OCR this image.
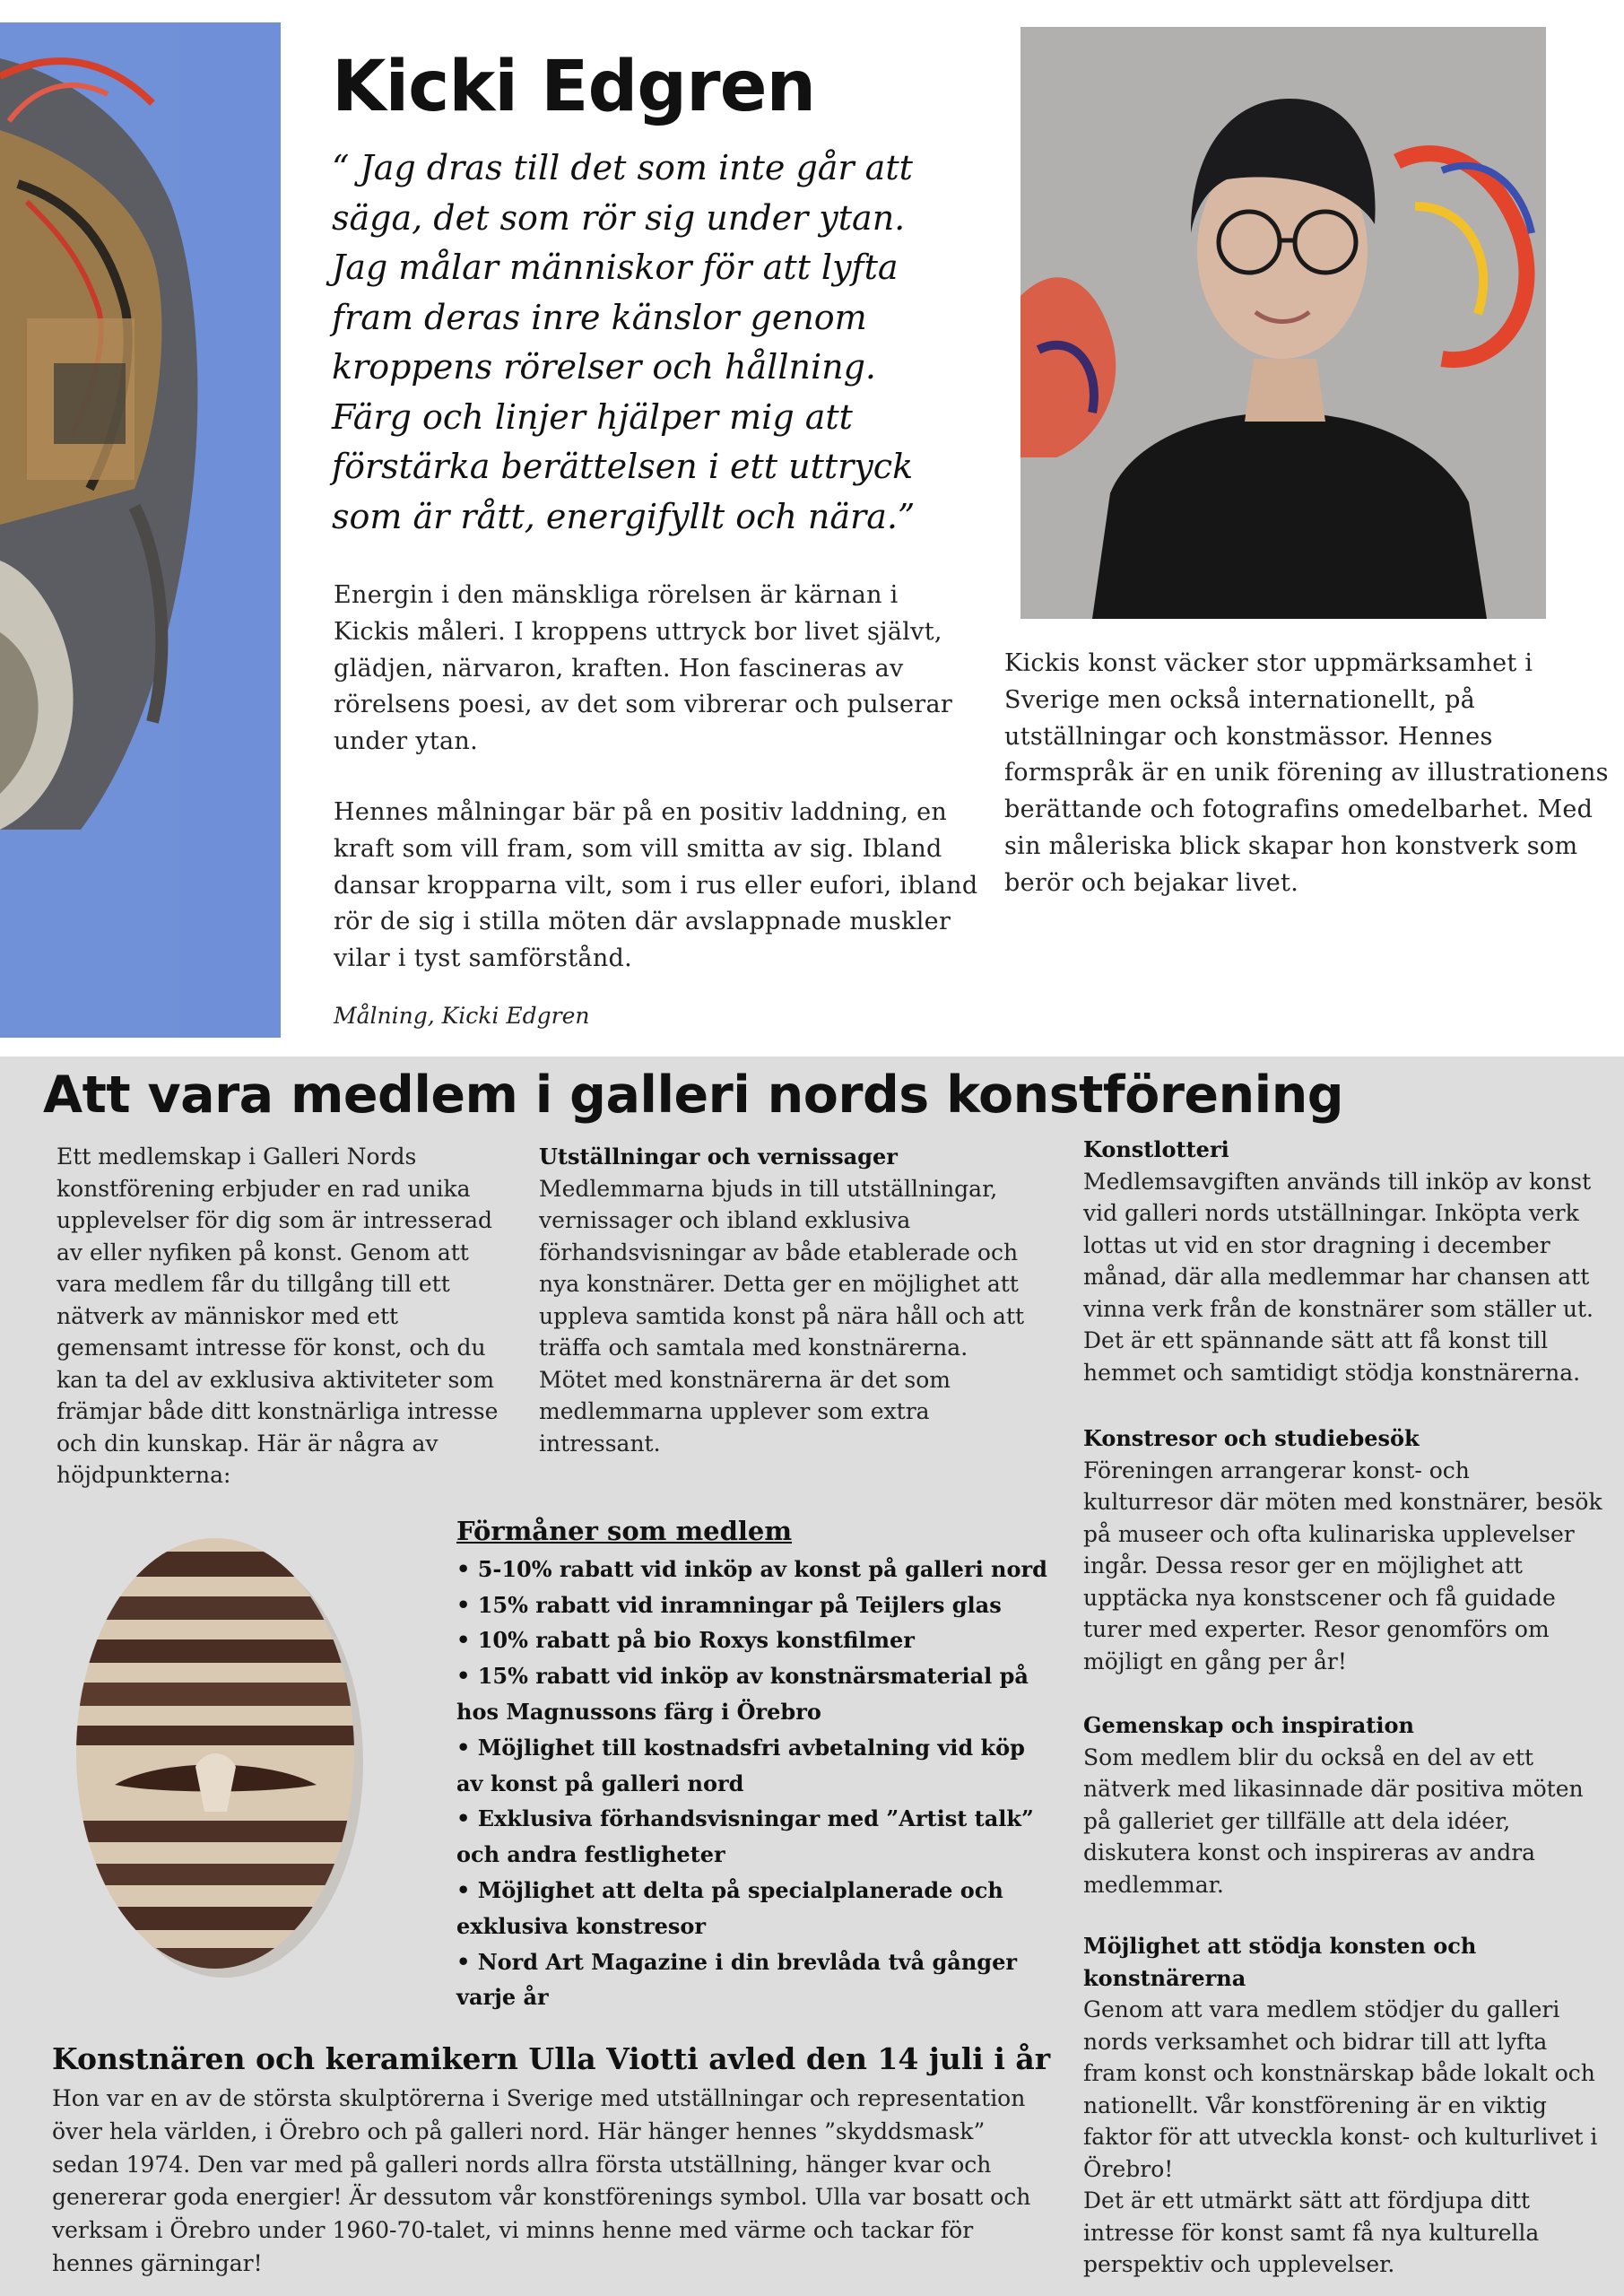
Kicki Edgren

“ Jag dras till det som inte går att säga, det som rör sig under ytan. Jag målar människor för att lyfta fram deras inre känslor genom kroppens rörelser och hållning. Färg och linjer hjälper mig att förstärka berättelsen i ett uttryck som är rått, energifyllt och nära.”

Energin i den mänskliga rörelsen är kärnan i Kickis måleri. I kroppens uttryck bor livet självt, glädjen, närvaron, kraften. Hon fascineras av rörelsens poesi, av det som vibrerar och pulserar under ytan.

Hennes målningar bär på en positiv laddning, en kraft som vill fram, som vill smitta av sig. Ibland dansar kropparna vilt, som i rus eller eufori, ibland rör de sig i stilla möten där avslappnade muskler vilar i tyst samförstånd.

Målning, Kicki Edgren

Kickis konst väcker stor uppmärksamhet i Sverige men också internationellt, på utställningar och konstmässor. Hennes formspråk är en unik förening av illustrationens berättande och fotografins omedelbarhet. Med sin måleriska blick skapar hon konstverk som berör och bejakar livet.

Att vara medlem i galleri nords konstförening

Ett medlemskap i Galleri Nords konstförening erbjuder en rad unika upplevelser för dig som är intresserad av eller nyfiken på konst. Genom att vara medlem får du tillgång till ett nätverk av människor med ett gemensamt intresse för konst, och du kan ta del av exklusiva aktiviteter som främjar både ditt konstnärliga intresse och din kunskap. Här är några av höjdpunkterna:

Utställningar och vernissager

Medlemmarna bjuds in till utställningar, vernissager och ibland exklusiva förhandsvisningar av både etablerade och nya konstnärer. Detta ger en möjlighet att uppleva samtida konst på nära håll och att träffa och samtala med konstnärerna. Mötet med konstnärerna är det som medlemmarna upplever som extra intressant.

Konstlotteri

Medlemsavgiften används till inköp av konst vid galleri nords utställningar. Inköpta verk lottas ut vid en stor dragning i december månad, där alla medlemmar har chansen att vinna verk från de konstnärer som ställer ut. Det är ett spännande sätt att få konst till hemmet och samtidigt stödja konstnärerna.

Konstresor och studiebesök

Föreningen arrangerar konst- och kulturresor där möten med konstnärer, besök på museer och ofta kulinariska upplevelser ingår. Dessa resor ger en möjlighet att upptäcka nya konstscener och få guidade turer med experter. Resor genomförs om möjligt en gång per år!

Gemenskap och inspiration

Som medlem blir du också en del av ett nätverk med likasinnade där positiva möten på galleriet ger tillfälle att dela idéer, diskutera konst och inspireras av andra medlemmar.

Möjlighet att stödja konsten och konstnärerna

Genom att vara medlem stödjer du galleri nords verksamhet och bidrar till att lyfta fram konst och konstnärskap både lokalt och nationellt. Vår konstförening är en viktig faktor för att utveckla konst- och kulturlivet i Örebro!

Det är ett utmärkt sätt att fördjupa ditt intresse för konst samt få nya kulturella perspektiv och upplevelser.

Förmåner som medlem

• 5-10% rabatt vid inköp av konst på galleri nord
• 15% rabatt vid inramningar på Teijlers glas
• 10% rabatt på bio Roxys konstfilmer
• 15% rabatt vid inköp av konstnärsmaterial på hos Magnussons färg i Örebro
• Möjlighet till kostnadsfri avbetalning vid köp av konst på galleri nord
• Exklusiva förhandsvisningar med ”Artist talk” och andra festligheter
• Möjlighet att delta på specialplanerade och exklusiva konstresor
• Nord Art Magazine i din brevlåda två gånger varje år
Konstnären och keramikern Ulla Viotti avled den 14 juli i år

Hon var en av de största skulptörerna i Sverige med utställningar och representation över hela världen, i Örebro och på galleri nord. Här hänger hennes ”skyddsmask” sedan 1974. Den var med på galleri nords allra första utställning, hänger kvar och genererar goda energier! Är dessutom vår konstförenings symbol. Ulla var bosatt och verksam i Örebro under 1960-70-talet, vi minns henne med värme och tackar för hennes gärningar!
